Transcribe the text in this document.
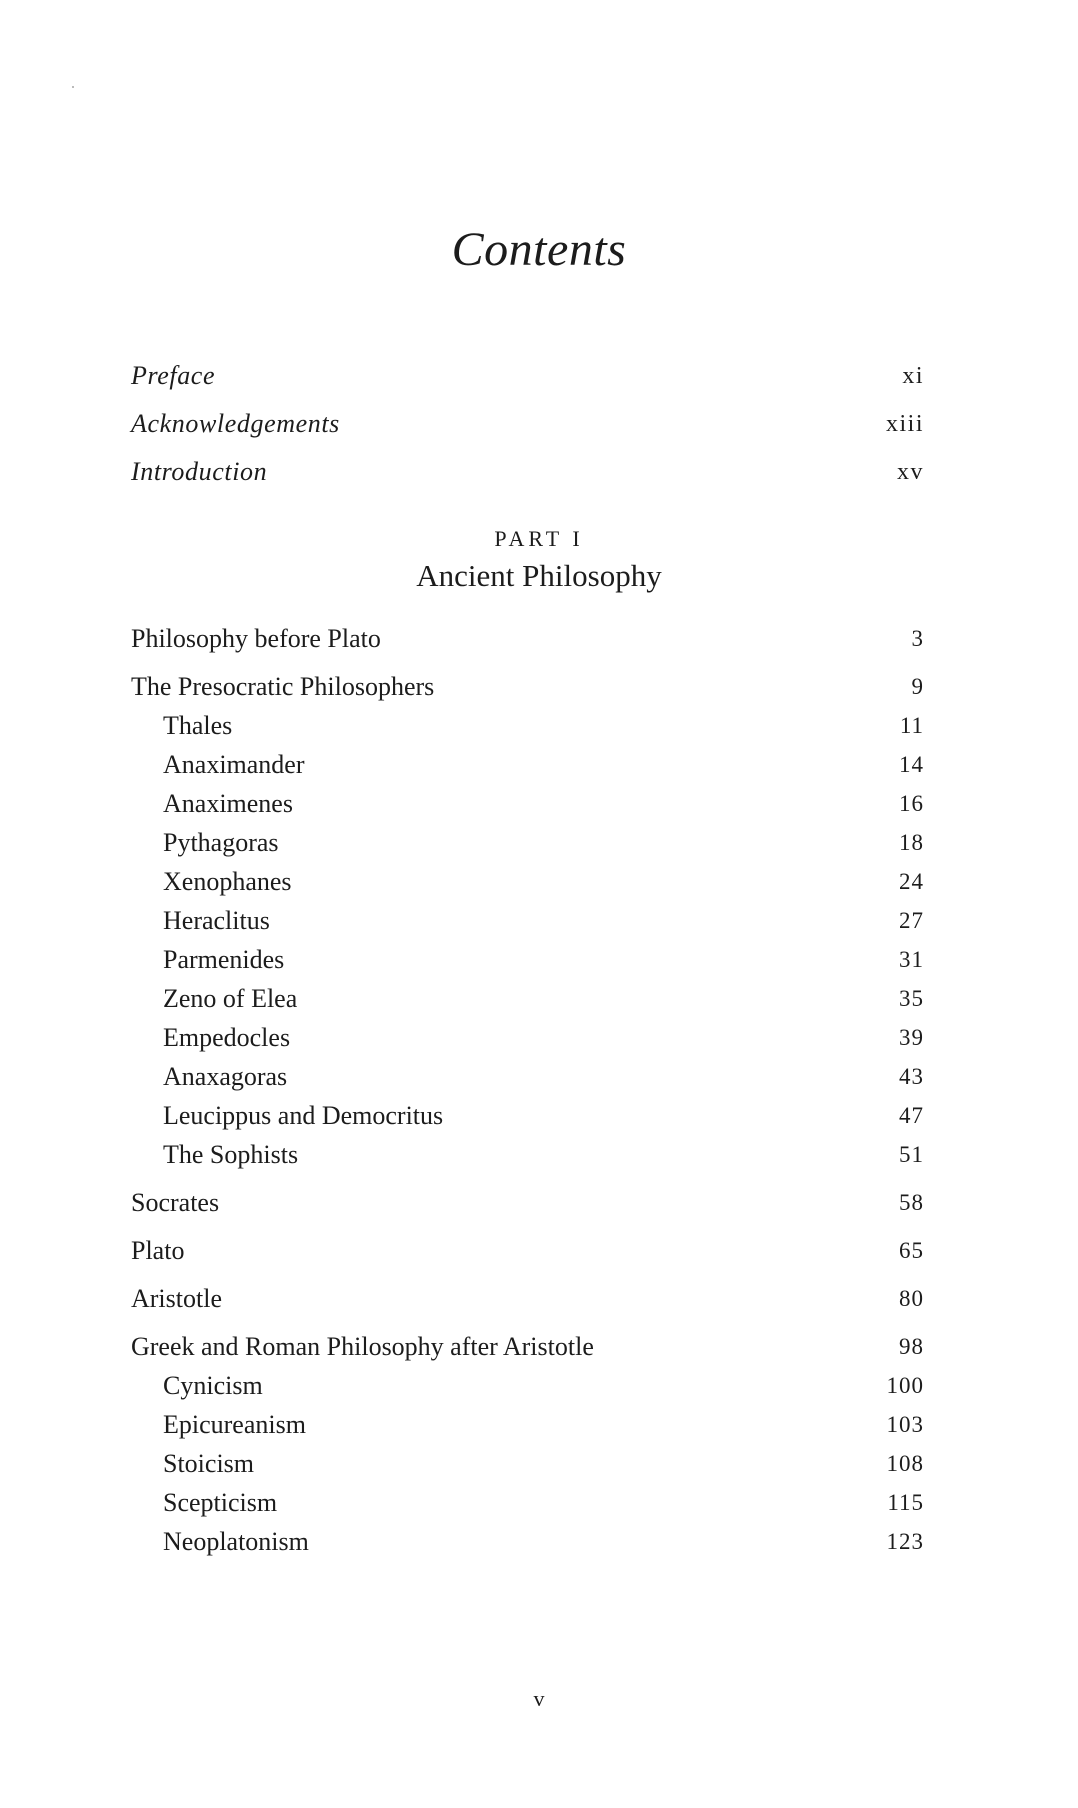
Contents
Preface	xi
Acknowledgements	xiii
Introduction	xv
PART I
Ancient Philosophy
Philosophy before Plato	3
The Presocratic Philosophers	9
Thales	11
Anaximander	14
Anaximenes	16
Pythagoras	18
Xenophanes	24
Heraclitus	27
Parmenides	31
Zeno of Elea	35
Empedocles	39
Anaxagoras	43
Leucippus and Democritus	47
The Sophists	51
Socrates	58
Plato	65
Aristotle	80
Greek and Roman Philosophy after Aristotle	98
Cynicism	100
Epicureanism	103
Stoicism	108
Scepticism	115
Neoplatonism	123
v
